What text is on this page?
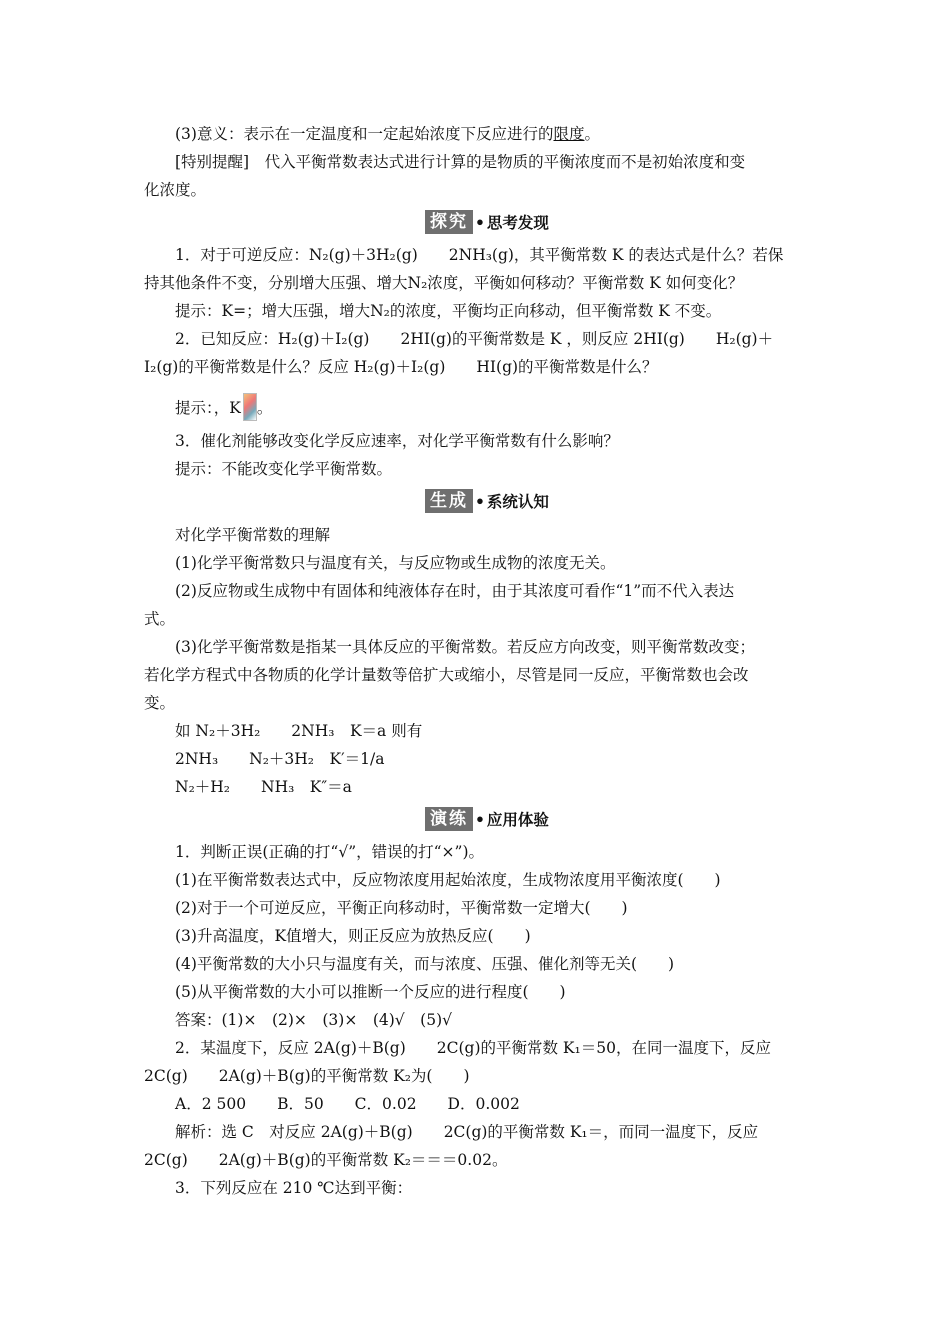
(3)意义：表示在一定温度和一定起始浓度下反应进行的限度。
[特别提醒]　代入平衡常数表达式进行计算的是物质的平衡浓度而不是初始浓度和变
化浓度。
探究 • 思考发现
1．对于可逆反应：N₂(g)＋3H₂(g)　　2NH₃(g)，其平衡常数 K 的表达式是什么？若保
持其他条件不变，分别增大压强、增大N₂浓度，平衡如何移动？平衡常数 K 如何变化？
提示：K=；增大压强，增大N₂的浓度，平衡均正向移动，但平衡常数 K 不变。
2．已知反应：H₂(g)＋I₂(g)　　2HI(g)的平衡常数是 K ，则反应 2HI(g)　　H₂(g)＋
I₂(g)的平衡常数是什么？反应 H₂(g)＋I₂(g)　　HI(g)的平衡常数是什么？
提示：，K 。
3．催化剂能够改变化学反应速率，对化学平衡常数有什么影响？
提示：不能改变化学平衡常数。
生成 • 系统认知
对化学平衡常数的理解
(1)化学平衡常数只与温度有关，与反应物或生成物的浓度无关。
(2)反应物或生成物中有固体和纯液体存在时，由于其浓度可看作“1”而不代入表达
式。
(3)化学平衡常数是指某一具体反应的平衡常数。若反应方向改变，则平衡常数改变；
若化学方程式中各物质的化学计量数等倍扩大或缩小，尽管是同一反应，平衡常数也会改
变。
如 N₂＋3H₂　　2NH₃　K＝a 则有
2NH₃　　N₂＋3H₂　K′＝1/a
N₂＋H₂　　NH₃　K″＝a
演练 • 应用体验
1．判断正误(正确的打“√”，错误的打“×”)。
(1)在平衡常数表达式中，反应物浓度用起始浓度，生成物浓度用平衡浓度(　　)
(2)对于一个可逆反应，平衡正向移动时，平衡常数一定增大(　　)
(3)升高温度，K值增大，则正反应为放热反应(　　)
(4)平衡常数的大小只与温度有关，而与浓度、压强、催化剂等无关(　　)
(5)从平衡常数的大小可以推断一个反应的进行程度(　　)
答案：(1)×　(2)×　(3)×　(4)√　(5)√
2．某温度下，反应 2A(g)＋B(g)　　2C(g)的平衡常数 K₁＝50，在同一温度下，反应
2C(g)　　2A(g)＋B(g)的平衡常数 K₂为(　　)
A．2 500　　B．50　　C．0.02　　D．0.002
解析：选 C　对反应 2A(g)＋B(g)　　2C(g)的平衡常数 K₁＝，而同一温度下，反应
2C(g)　　2A(g)＋B(g)的平衡常数 K₂＝＝＝0.02。
3．下列反应在 210 ℃达到平衡：
